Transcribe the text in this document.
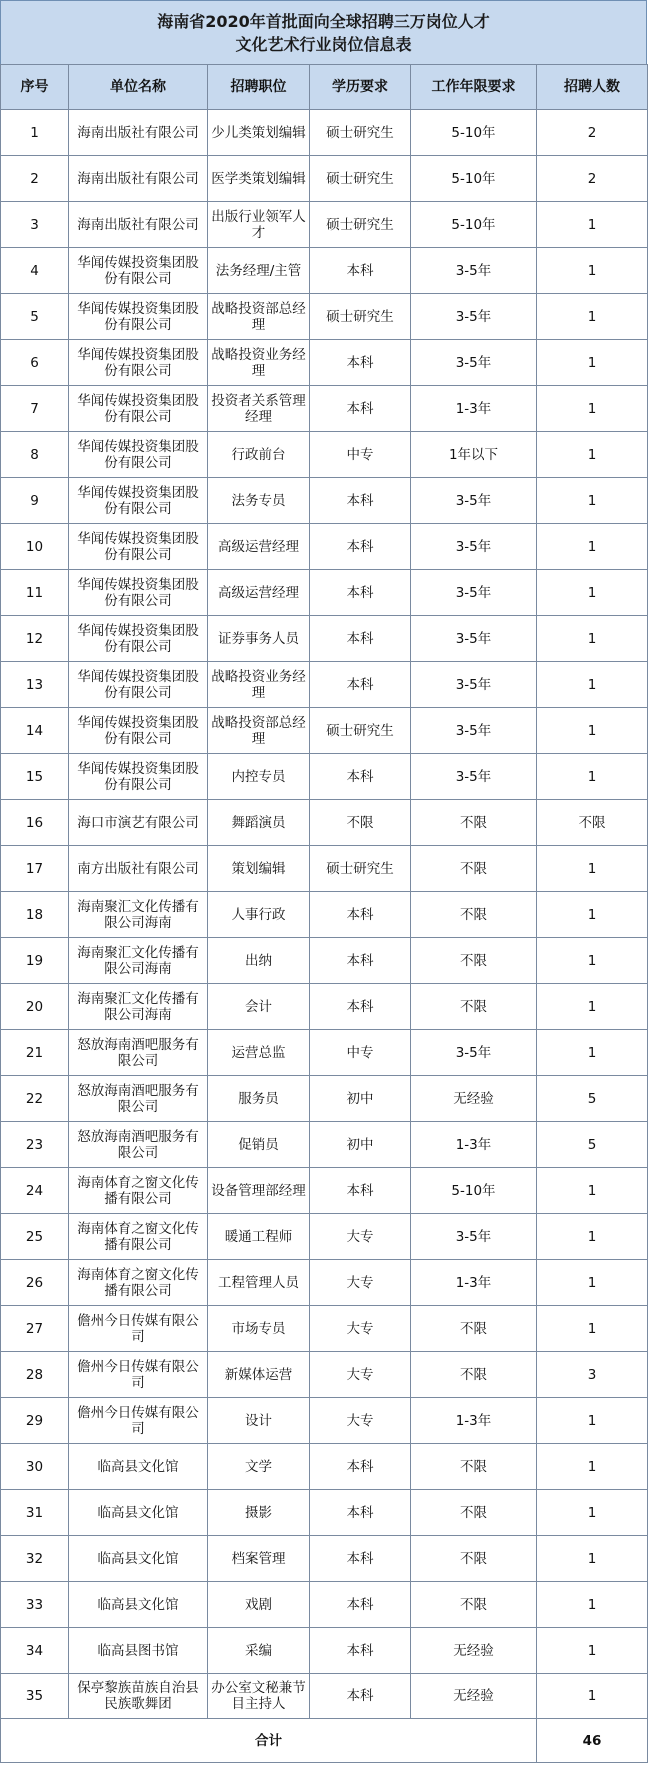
海南省2020年首批面向全球招聘三万岗位人才
文化艺术行业岗位信息表
序号	单位名称	招聘职位	学历要求	工作年限要求	招聘人数
1	海南出版社有限公司	少儿类策划编辑	硕士研究生	5-10年	2
2	海南出版社有限公司	医学类策划编辑	硕士研究生	5-10年	2
3	海南出版社有限公司	出版行业领军人才	硕士研究生	5-10年	1
4	华闻传媒投资集团股份有限公司	法务经理/主管	本科	3-5年	1
5	华闻传媒投资集团股份有限公司	战略投资部总经理	硕士研究生	3-5年	1
6	华闻传媒投资集团股份有限公司	战略投资业务经理	本科	3-5年	1
7	华闻传媒投资集团股份有限公司	投资者关系管理经理	本科	1-3年	1
8	华闻传媒投资集团股份有限公司	行政前台	中专	1年以下	1
9	华闻传媒投资集团股份有限公司	法务专员	本科	3-5年	1
10	华闻传媒投资集团股份有限公司	高级运营经理	本科	3-5年	1
11	华闻传媒投资集团股份有限公司	高级运营经理	本科	3-5年	1
12	华闻传媒投资集团股份有限公司	证券事务人员	本科	3-5年	1
13	华闻传媒投资集团股份有限公司	战略投资业务经理	本科	3-5年	1
14	华闻传媒投资集团股份有限公司	战略投资部总经理	硕士研究生	3-5年	1
15	华闻传媒投资集团股份有限公司	内控专员	本科	3-5年	1
16	海口市演艺有限公司	舞蹈演员	不限	不限	不限
17	南方出版社有限公司	策划编辑	硕士研究生	不限	1
18	海南聚汇文化传播有限公司海南	人事行政	本科	不限	1
19	海南聚汇文化传播有限公司海南	出纳	本科	不限	1
20	海南聚汇文化传播有限公司海南	会计	本科	不限	1
21	怒放海南酒吧服务有限公司	运营总监	中专	3-5年	1
22	怒放海南酒吧服务有限公司	服务员	初中	无经验	5
23	怒放海南酒吧服务有限公司	促销员	初中	1-3年	5
24	海南体育之窗文化传播有限公司	设备管理部经理	本科	5-10年	1
25	海南体育之窗文化传播有限公司	暖通工程师	大专	3-5年	1
26	海南体育之窗文化传播有限公司	工程管理人员	大专	1-3年	1
27	儋州今日传媒有限公司	市场专员	大专	不限	1
28	儋州今日传媒有限公司	新媒体运营	大专	不限	3
29	儋州今日传媒有限公司	设计	大专	1-3年	1
30	临高县文化馆	文学	本科	不限	1
31	临高县文化馆	摄影	本科	不限	1
32	临高县文化馆	档案管理	本科	不限	1
33	临高县文化馆	戏剧	本科	不限	1
34	临高县图书馆	采编	本科	无经验	1
35	保亭黎族苗族自治县民族歌舞团	办公室文秘兼节目主持人	本科	无经验	1
合计					46
